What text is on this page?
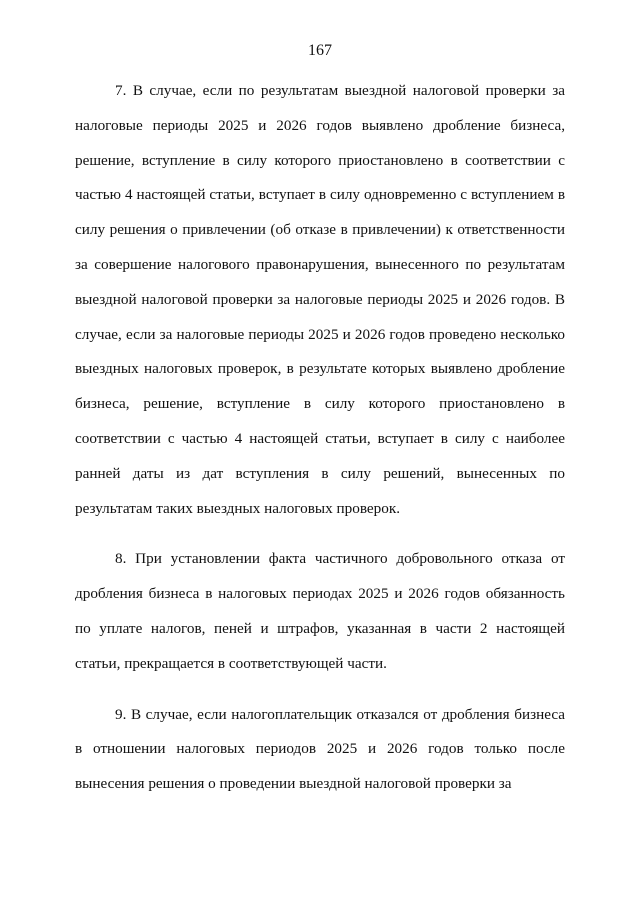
167

7. В случае, если по результатам выездной налоговой проверки за налоговые периоды 2025 и 2026 годов выявлено дробление бизнеса, решение, вступление в силу которого приостановлено в соответствии с частью 4 настоящей статьи, вступает в силу одновременно с вступлением в силу решения о привлечении (об отказе в привлечении) к ответственности за совершение налогового правонарушения, вынесенного по результатам выездной налоговой проверки за налоговые периоды 2025 и 2026 годов. В случае, если за налоговые периоды 2025 и 2026 годов проведено несколько выездных налоговых проверок, в результате которых выявлено дробление бизнеса, решение, вступление в силу которого приостановлено в соответствии с частью 4 настоящей статьи, вступает в силу с наиболее ранней даты из дат вступления в силу решений, вынесенных по результатам таких выездных налоговых проверок.

8. При установлении факта частичного добровольного отказа от дробления бизнеса в налоговых периодах 2025 и 2026 годов обязанность по уплате налогов, пеней и штрафов, указанная в части 2 настоящей статьи, прекращается в соответствующей части.

9. В случае, если налогоплательщик отказался от дробления бизнеса в отношении налоговых периодов 2025 и 2026 годов только после вынесения решения о проведении выездной налоговой проверки за
